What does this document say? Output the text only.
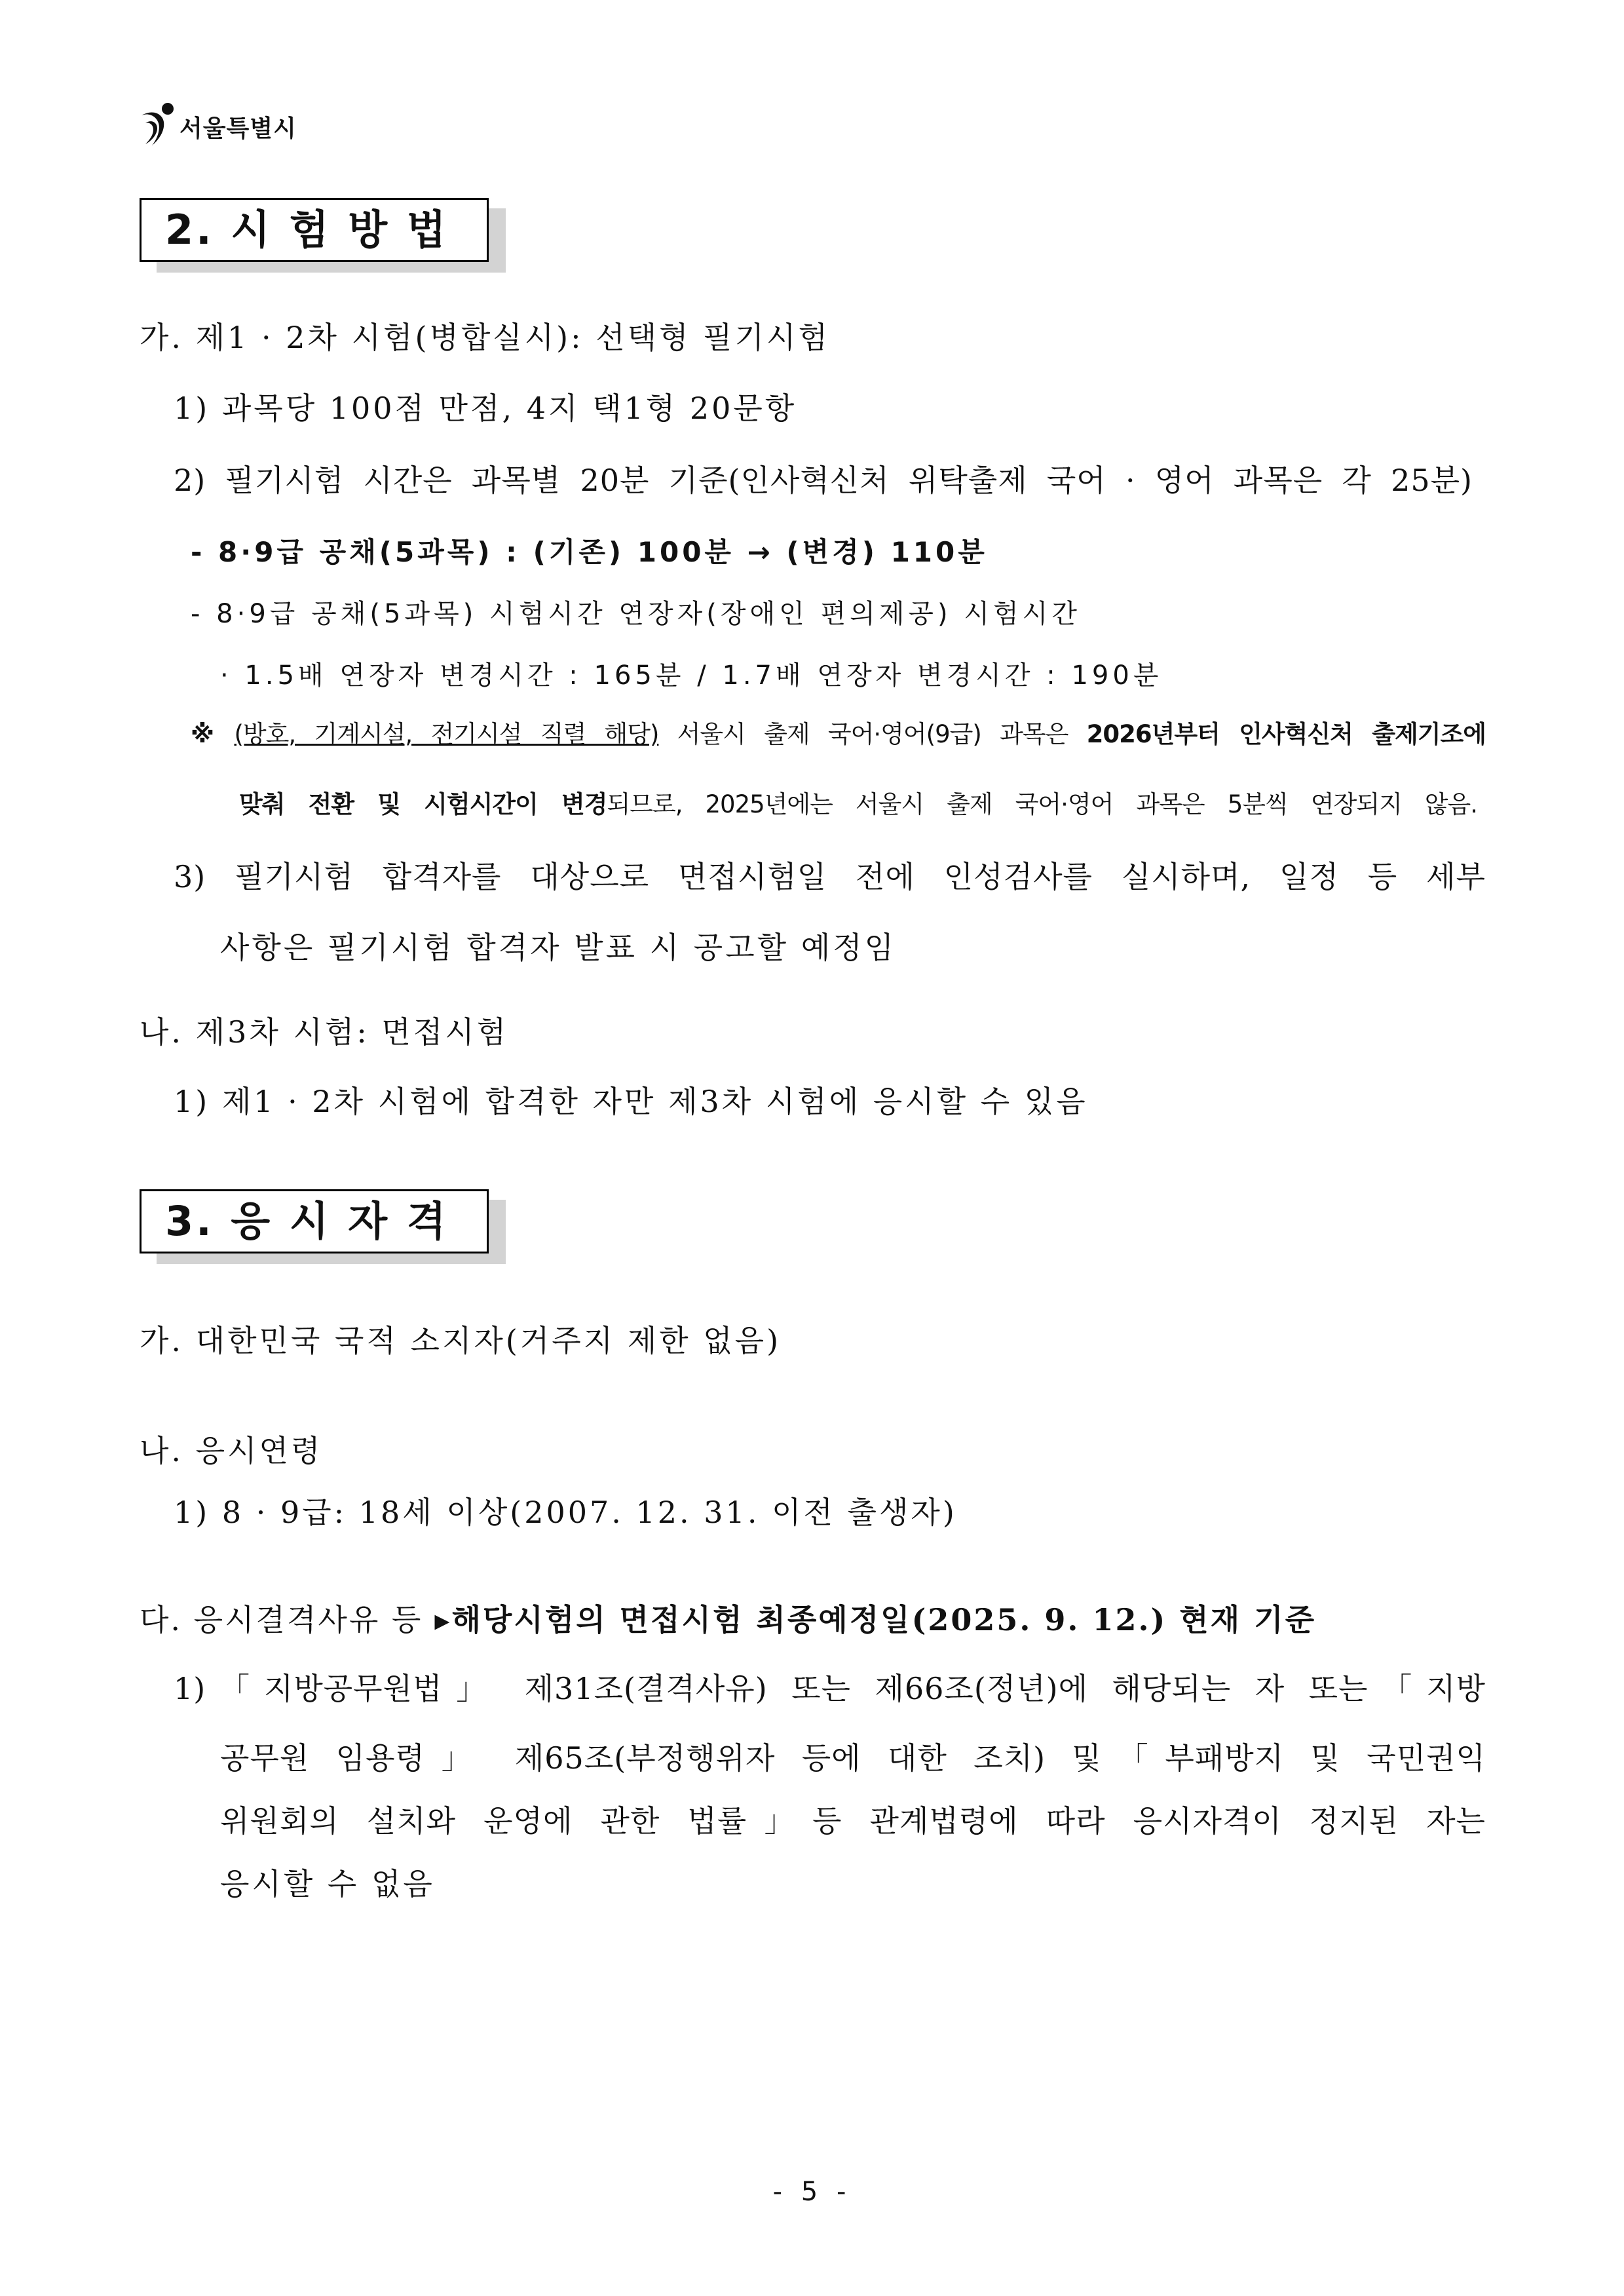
서울특별시
2. 시 험 방 법
가. 제1 · 2차 시험(병합실시): 선택형 필기시험
1) 과목당 100점 만점, 4지 택1형 20문항
2) 필기시험 시간은 과목별 20분 기준(인사혁신처 위탁출제 국어 · 영어 과목은 각 25분)
- 8·9급 공채(5과목) : (기존) 100분 → (변경) 110분
- 8·9급 공채(5과목) 시험시간 연장자(장애인 편의제공) 시험시간
· 1.5배 연장자 변경시간 : 165분 / 1.7배 연장자 변경시간 : 190분
※ (방호, 기계시설, 전기시설 직렬 해당) 서울시 출제 국어·영어(9급) 과목은 2026년부터 인사혁신처 출제기조에
맞춰 전환 및 시험시간이 변경되므로, 2025년에는 서울시 출제 국어·영어 과목은 5분씩 연장되지 않음.
3) 필기시험 합격자를 대상으로 면접시험일 전에 인성검사를 실시하며, 일정 등 세부
사항은 필기시험 합격자 발표 시 공고할 예정임
나. 제3차 시험: 면접시험
1) 제1 · 2차 시험에 합격한 자만 제3차 시험에 응시할 수 있음
3. 응 시 자 격
가. 대한민국 국적 소지자(거주지 제한 없음)
나. 응시연령
1) 8 · 9급: 18세 이상(2007. 12. 31. 이전 출생자)
다. 응시결격사유 등 ▸해당시험의 면접시험 최종예정일(2025. 9. 12.) 현재 기준
1)「지방공무원법」 제31조(결격사유) 또는 제66조(정년)에 해당되는 자 또는「지방
공무원 임용령」 제65조(부정행위자 등에 대한 조치) 및「부패방지 및 국민권익
위원회의 설치와 운영에 관한 법률」등 관계법령에 따라 응시자격이 정지된 자는
응시할 수 없음
- 5 -
